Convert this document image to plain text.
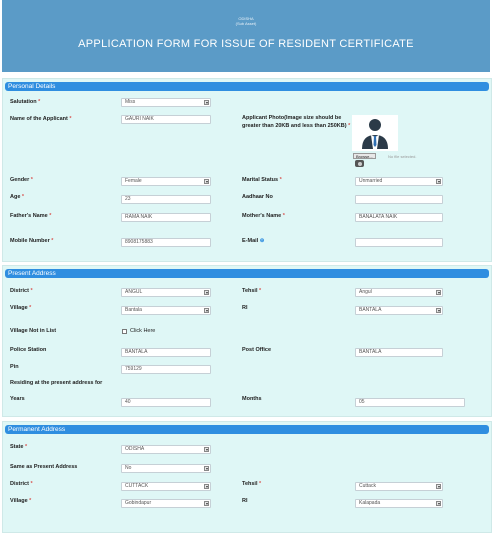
ODISHA
(Sub Asset)
APPLICATION FORM FOR ISSUE OF RESIDENT CERTIFICATE
Personal Details
Salutation *	Miss
Name of the Applicant *	GAURI NAIK	Applicant Photo(Image size should be greater than 20KB and less than 250KB) *
Browse...	No file selected.
Gender *	Female	Marital Status *	Unmarried
Age *	23	Aadhaar No
Father's Name *	RAMA NAIK	Mother's Name *	BANALATA NAIK
Mobile Number *	8908175883	E-Mail ⊕
Present Address
District *	ANGUL	Tehsil *	Angul
Village *	Bantala	RI	BANTALA
Village Not in List	Click Here
Police Station	BANTALA	Post Office	BANTALA
Pin	759129
Residing at the present address for
Years	40	Months	05
Permanent Address
State *	ODISHA
Same as Present Address	No
District *	CUTTACK	Tehsil *	Cuttack
Village *	Gobindapur	RI	Kalapada
